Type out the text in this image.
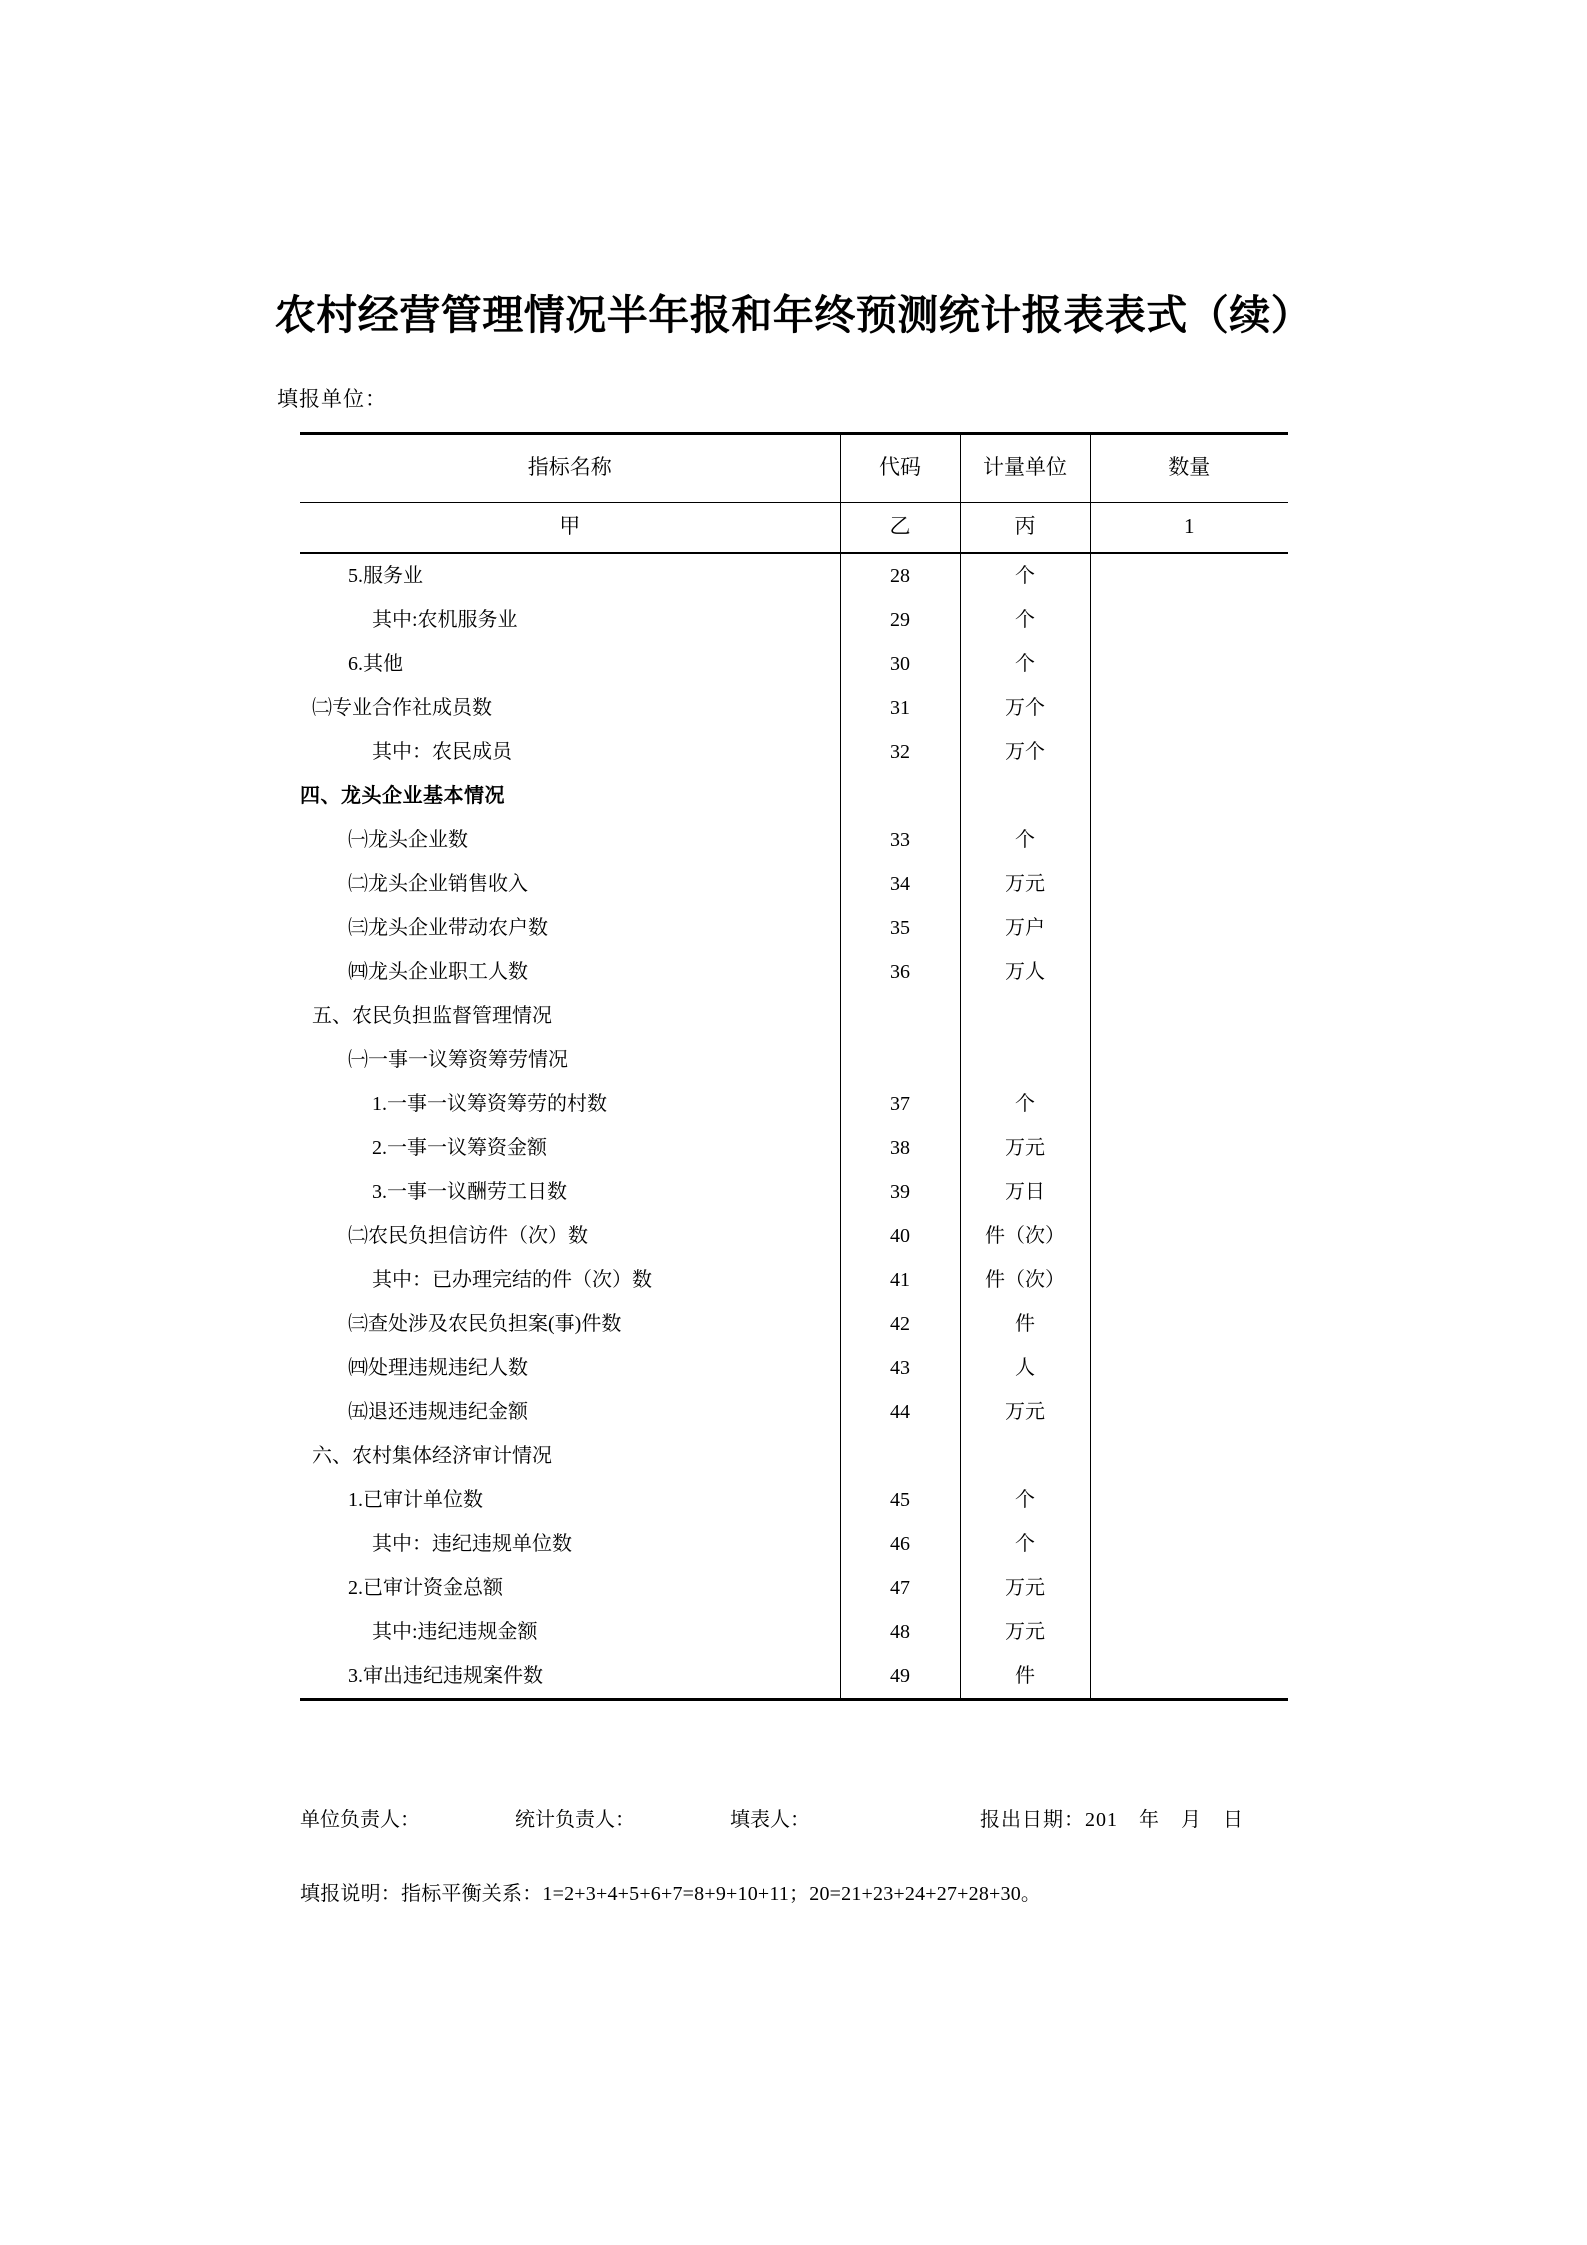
农村经营管理情况半年报和年终预测统计报表表式（续）
填报单位：
指标名称	代码	计量单位	数量
甲	乙	丙	1
5.服务业	28	个	
其中:农机服务业	29	个	
6.其他	30	个	
㈡专业合作社成员数	31	万个	
其中：农民成员	32	万个	
四、龙头企业基本情况			
㈠龙头企业数	33	个	
㈡龙头企业销售收入	34	万元	
㈢龙头企业带动农户数	35	万户	
㈣龙头企业职工人数	36	万人	
五、农民负担监督管理情况			
㈠一事一议筹资筹劳情况			
1.一事一议筹资筹劳的村数	37	个	
2.一事一议筹资金额	38	万元	
3.一事一议酬劳工日数	39	万日	
㈡农民负担信访件（次）数	40	件（次）	
其中：已办理完结的件（次）数	41	件（次）	
㈢查处涉及农民负担案(事)件数	42	件	
㈣处理违规违纪人数	43	人	
㈤退还违规违纪金额	44	万元	
六、农村集体经济审计情况			
1.已审计单位数	45	个	
其中：违纪违规单位数	46	个	
2.已审计资金总额	47	万元	
其中:违纪违规金额	48	万元	
3.审出违纪违规案件数	49	件	
单位负责人：	统计负责人：	填表人：	报出日期：201　年　月　日
填报说明：指标平衡关系：1=2+3+4+5+6+7=8+9+10+11；20=21+23+24+27+28+30。
